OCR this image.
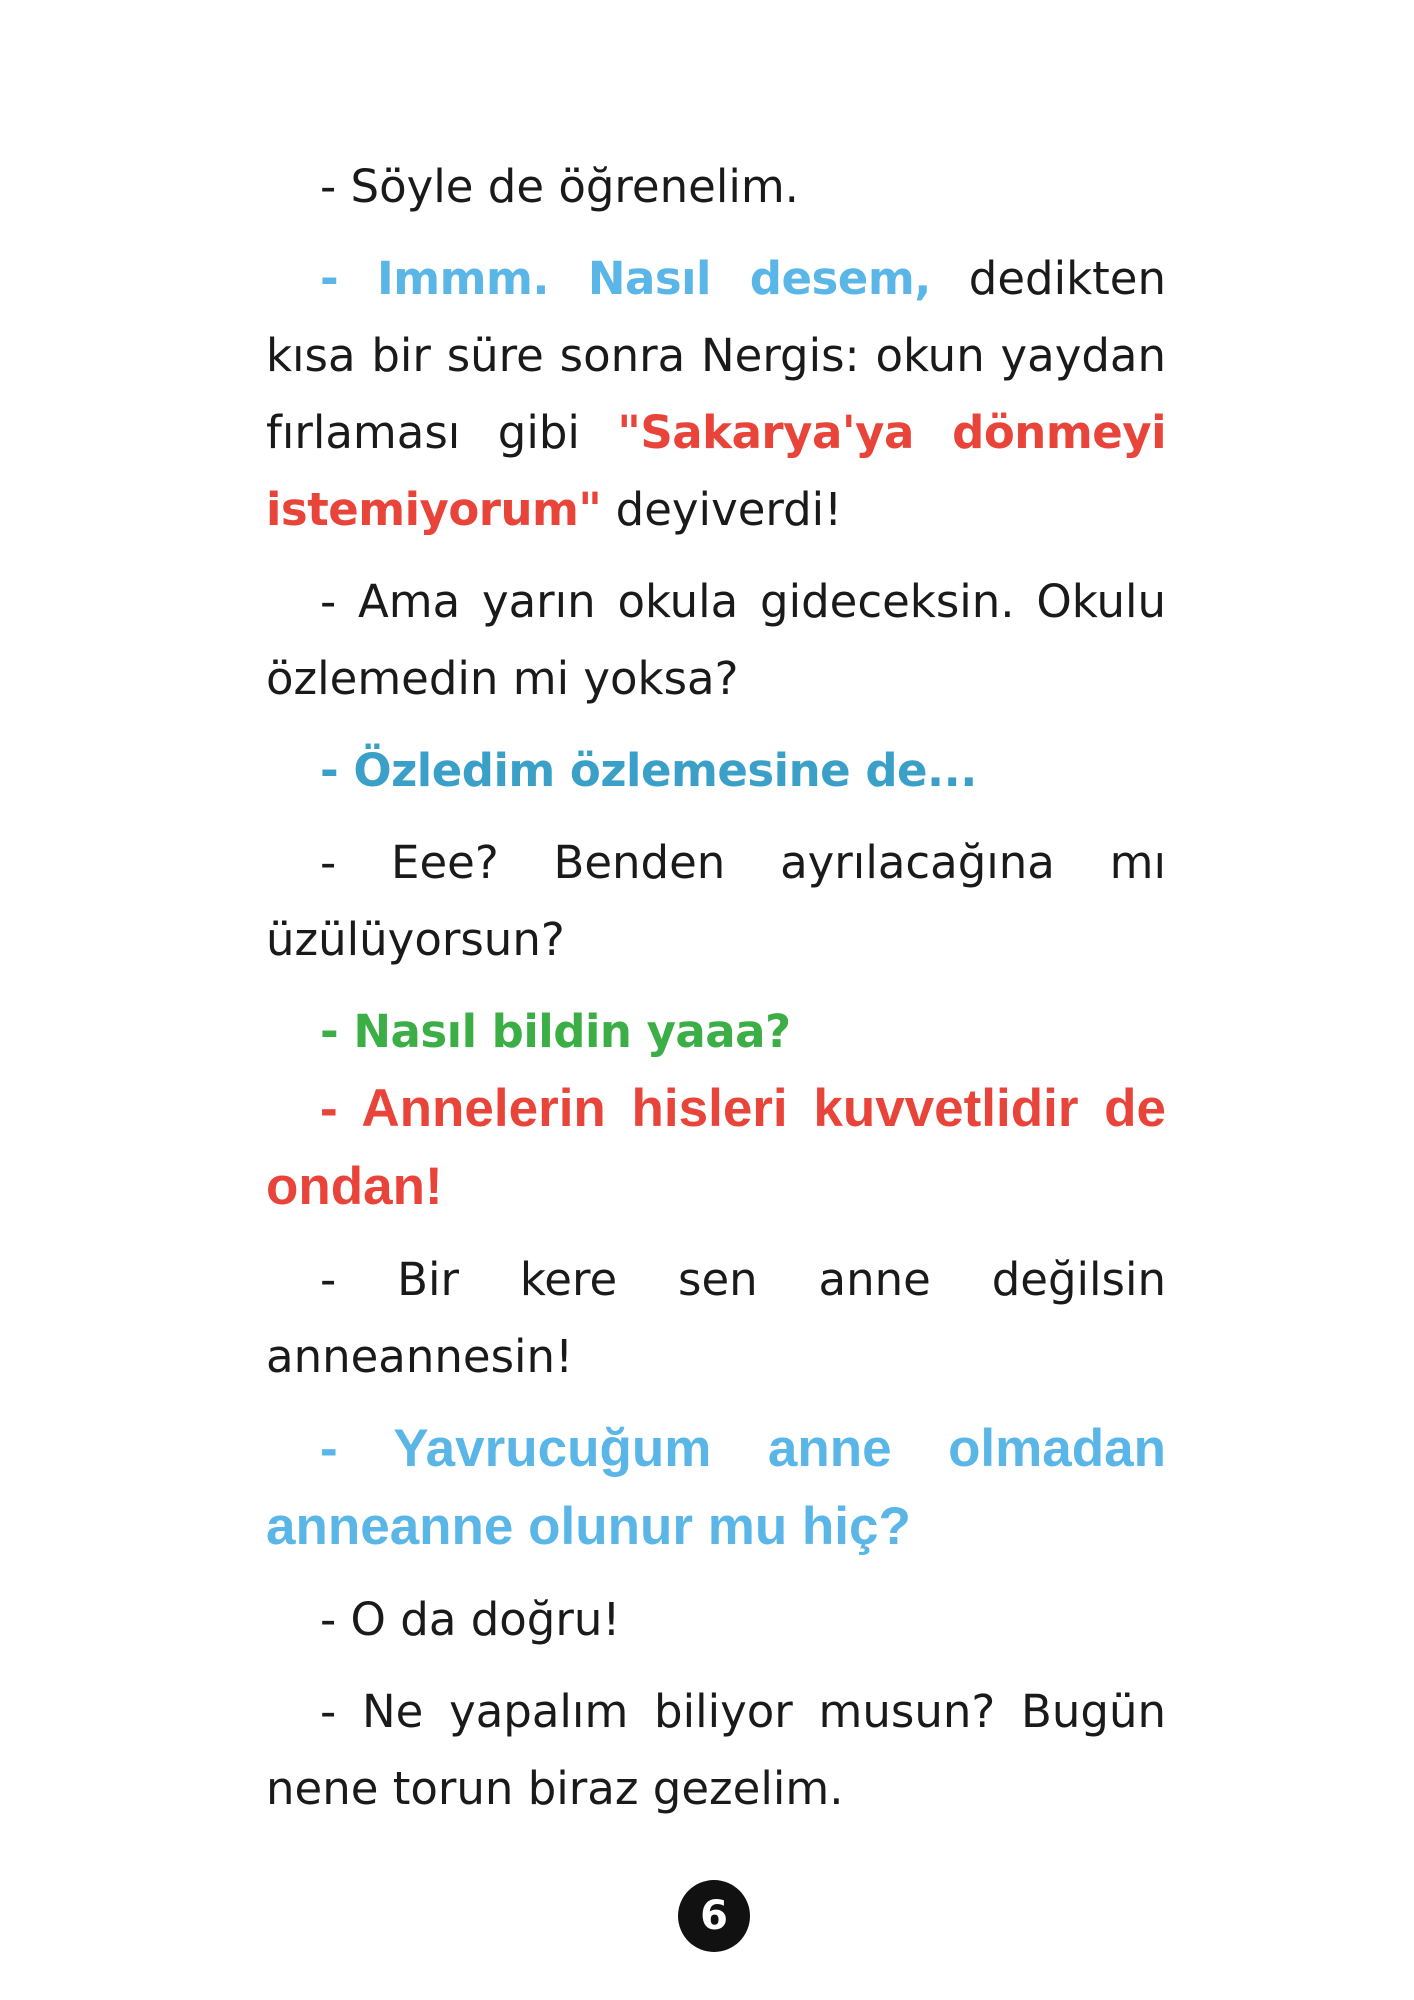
- Söyle de öğrenelim.

- Immm. Nasıl desem, dedikten kısa bir süre sonra Nergis: okun yaydan fırlaması gibi "Sakarya'ya dönmeyi istemiyorum" deyiverdi!

- Ama yarın okula gideceksin. Okulu özlemedin mi yoksa?

- Özledim özlemesine de...

- Eee? Benden ayrılacağına mı üzülüyorsun?

- Nasıl bildin yaaa?

- Annelerin hisleri kuvvetlidir de ondan!

- Bir kere sen anne değilsin anneannesin!

- Yavrucuğum anne olmadan anneanne olunur mu hiç?

- O da doğru!

- Ne yapalım biliyor musun? Bugün nene torun biraz gezelim.

6
